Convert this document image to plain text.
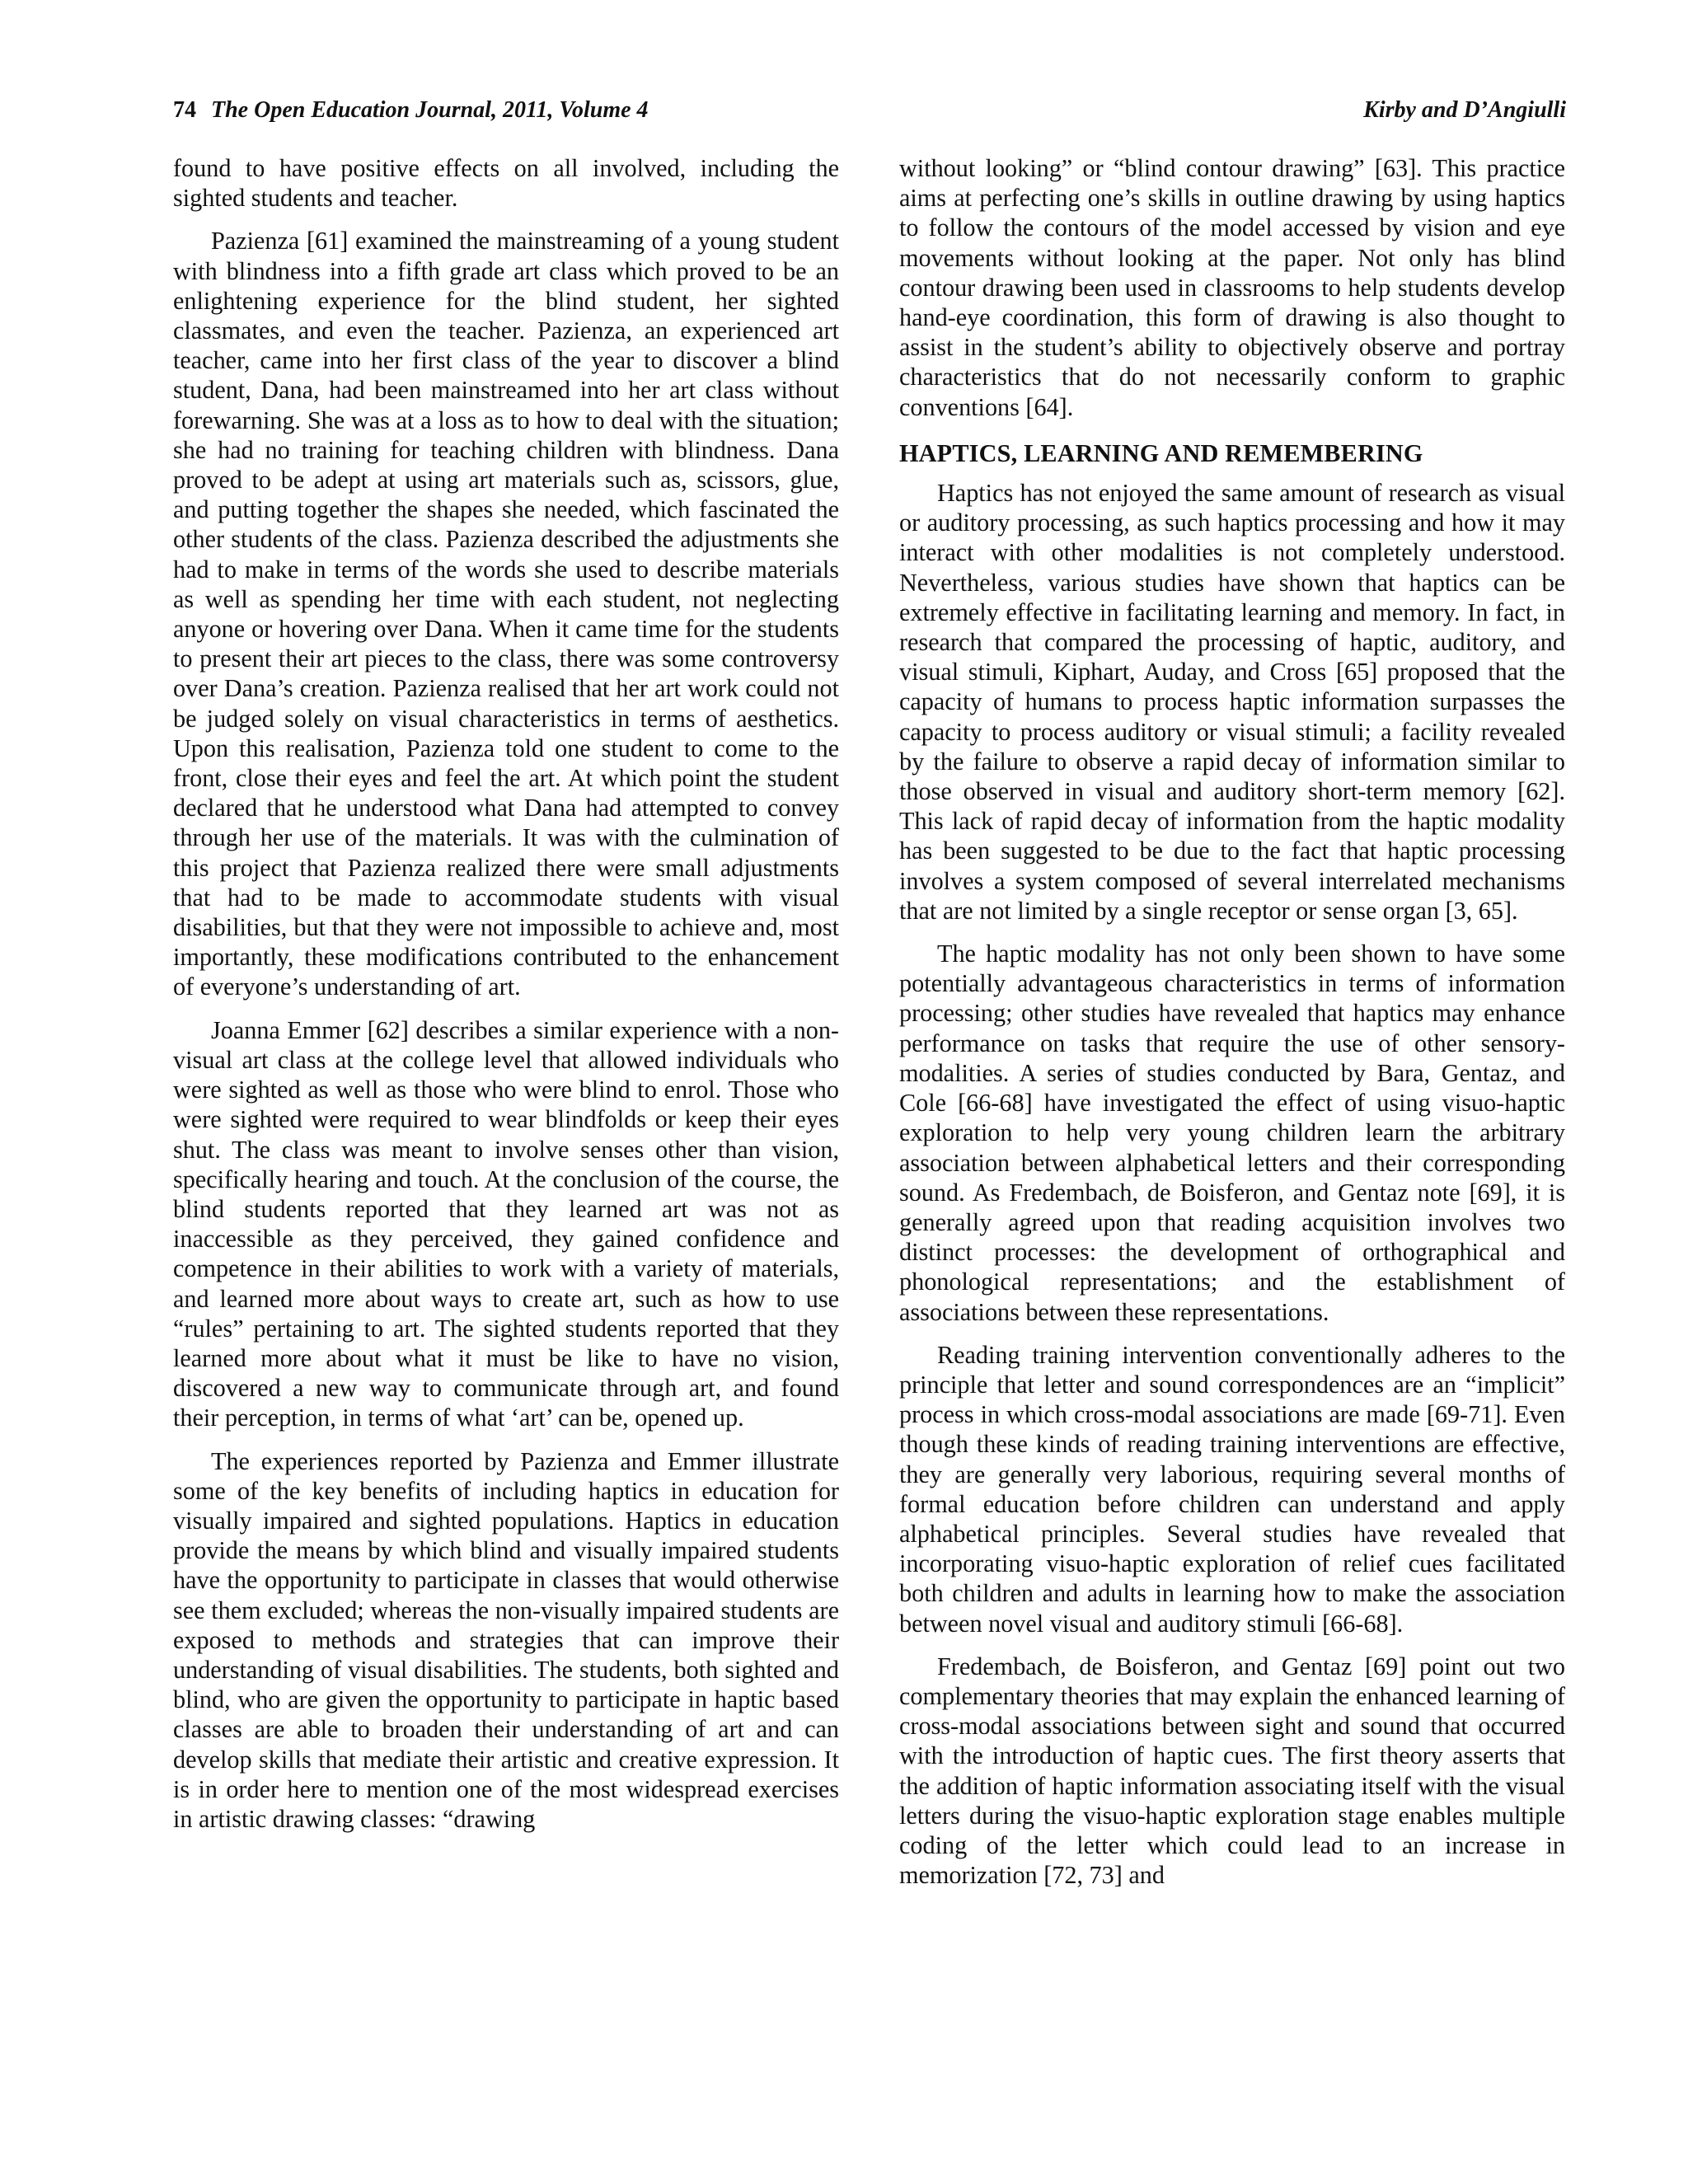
74 The Open Education Journal, 2011, Volume 4	Kirby and D’Angiulli

found to have positive effects on all involved, including the sighted students and teacher.

Pazienza [61] examined the mainstreaming of a young student with blindness into a fifth grade art class which proved to be an enlightening experience for the blind student, her sighted classmates, and even the teacher. Pazienza, an experienced art teacher, came into her first class of the year to discover a blind student, Dana, had been mainstreamed into her art class without forewarning. She was at a loss as to how to deal with the situation; she had no training for teaching children with blindness. Dana proved to be adept at using art materials such as, scissors, glue, and putting together the shapes she needed, which fascinated the other students of the class. Pazienza described the adjustments she had to make in terms of the words she used to describe materials as well as spending her time with each student, not neglecting anyone or hovering over Dana. When it came time for the students to present their art pieces to the class, there was some controversy over Dana’s creation. Pazienza realised that her art work could not be judged solely on visual characteristics in terms of aesthetics. Upon this realisation, Pazienza told one student to come to the front, close their eyes and feel the art. At which point the student declared that he understood what Dana had attempted to convey through her use of the materials. It was with the culmination of this project that Pazienza realized there were small adjustments that had to be made to accommodate students with visual disabilities, but that they were not impossible to achieve and, most importantly, these modifications contributed to the enhancement of everyone’s understanding of art.

Joanna Emmer [62] describes a similar experience with a non-visual art class at the college level that allowed individuals who were sighted as well as those who were blind to enrol. Those who were sighted were required to wear blindfolds or keep their eyes shut. The class was meant to involve senses other than vision, specifically hearing and touch. At the conclusion of the course, the blind students reported that they learned art was not as inaccessible as they perceived, they gained confidence and competence in their abilities to work with a variety of materials, and learned more about ways to create art, such as how to use “rules” pertaining to art. The sighted students reported that they learned more about what it must be like to have no vision, discovered a new way to communicate through art, and found their perception, in terms of what ‘art’ can be, opened up.

The experiences reported by Pazienza and Emmer illustrate some of the key benefits of including haptics in education for visually impaired and sighted populations. Haptics in education provide the means by which blind and visually impaired students have the opportunity to participate in classes that would otherwise see them excluded; whereas the non-visually impaired students are exposed to methods and strategies that can improve their understanding of visual disabilities. The students, both sighted and blind, who are given the opportunity to participate in haptic based classes are able to broaden their understanding of art and can develop skills that mediate their artistic and creative expression. It is in order here to mention one of the most widespread exercises in artistic drawing classes: “drawing

without looking” or “blind contour drawing” [63]. This practice aims at perfecting one’s skills in outline drawing by using haptics to follow the contours of the model accessed by vision and eye movements without looking at the paper. Not only has blind contour drawing been used in classrooms to help students develop hand-eye coordination, this form of drawing is also thought to assist in the student’s ability to objectively observe and portray characteristics that do not necessarily conform to graphic conventions [64].

HAPTICS, LEARNING AND REMEMBERING

Haptics has not enjoyed the same amount of research as visual or auditory processing, as such haptics processing and how it may interact with other modalities is not completely understood. Nevertheless, various studies have shown that haptics can be extremely effective in facilitating learning and memory. In fact, in research that compared the processing of haptic, auditory, and visual stimuli, Kiphart, Auday, and Cross [65] proposed that the capacity of humans to process haptic information surpasses the capacity to process auditory or visual stimuli; a facility revealed by the failure to observe a rapid decay of information similar to those observed in visual and auditory short-term memory [62]. This lack of rapid decay of information from the haptic modality has been suggested to be due to the fact that haptic processing involves a system composed of several interrelated mechanisms that are not limited by a single receptor or sense organ [3, 65].

The haptic modality has not only been shown to have some potentially advantageous characteristics in terms of information processing; other studies have revealed that haptics may enhance performance on tasks that require the use of other sensory-modalities. A series of studies conducted by Bara, Gentaz, and Cole [66-68] have investigated the effect of using visuo-haptic exploration to help very young children learn the arbitrary association between alphabetical letters and their corresponding sound. As Fredembach, de Boisferon, and Gentaz note [69], it is generally agreed upon that reading acquisition involves two distinct processes: the development of orthographical and phonological representations; and the establishment of associations between these representations.

Reading training intervention conventionally adheres to the principle that letter and sound correspondences are an “implicit” process in which cross-modal associations are made [69-71]. Even though these kinds of reading training interventions are effective, they are generally very laborious, requiring several months of formal education before children can understand and apply alphabetical principles. Several studies have revealed that incorporating visuo-haptic exploration of relief cues facilitated both children and adults in learning how to make the association between novel visual and auditory stimuli [66-68].

Fredembach, de Boisferon, and Gentaz [69] point out two complementary theories that may explain the enhanced learning of cross-modal associations between sight and sound that occurred with the introduction of haptic cues. The first theory asserts that the addition of haptic information associating itself with the visual letters during the visuo-haptic exploration stage enables multiple coding of the letter which could lead to an increase in memorization [72, 73] and
